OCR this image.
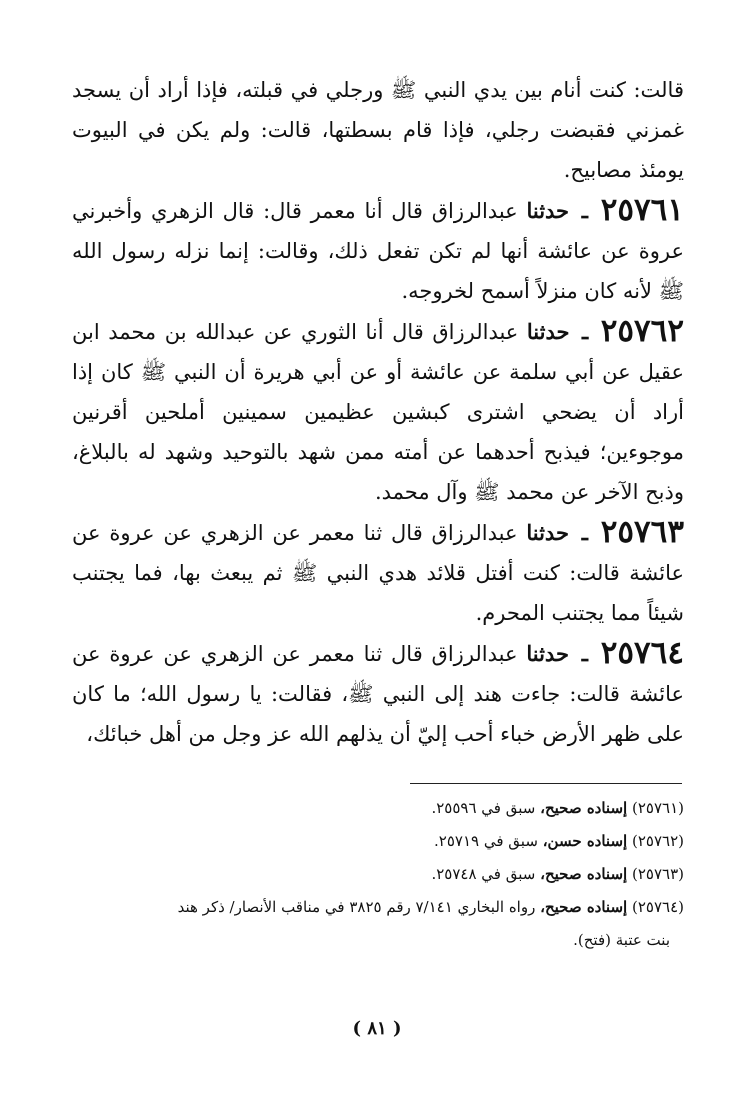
قالت: كنت أنام بين يدي النبي ﷺ ورجلي في قبلته، فإذا أراد أن يسجد غمزني فقبضت رجلي، فإذا قام بسطتها، قالت: ولم يكن في البيوت يومئذ مصابيح.

٢٥٧٦١ ـ حدثنا عبدالرزاق قال أنا معمر قال: قال الزهري وأخبرني عروة عن عائشة أنها لم تكن تفعل ذلك، وقالت: إنما نزله رسول الله ﷺ لأنه كان منزلاً أسمح لخروجه.

٢٥٧٦٢ ـ حدثنا عبدالرزاق قال أنا الثوري عن عبدالله بن محمد ابن عقيل عن أبي سلمة عن عائشة أو عن أبي هريرة أن النبي ﷺ كان إذا أراد أن يضحي اشترى كبشين عظيمين سمينين أملحين أقرنين موجوءين؛ فيذبح أحدهما عن أمته ممن شهد بالتوحيد وشهد له بالبلاغ، وذبح الآخر عن محمد ﷺ وآل محمد.

٢٥٧٦٣ ـ حدثنا عبدالرزاق قال ثنا معمر عن الزهري عن عروة عن عائشة قالت: كنت أفتل قلائد هدي النبي ﷺ ثم يبعث بها، فما يجتنب شيئاً مما يجتنب المحرم.

٢٥٧٦٤ ـ حدثنا عبدالرزاق قال ثنا معمر عن الزهري عن عروة عن عائشة قالت: جاءت هند إلى النبي ﷺ، فقالت: يا رسول الله؛ ما كان على ظهر الأرض خباء أحب إليّ أن يذلهم الله عز وجل من أهل خبائك،

(٢٥٧٦١) إسناده صحيح، سبق في ٢٥٥٩٦.

(٢٥٧٦٢) إسناده حسن، سبق في ٢٥٧١٩.

(٢٥٧٦٣) إسناده صحيح، سبق في ٢٥٧٤٨.

(٢٥٧٦٤) إسناده صحيح، رواه البخاري ٧/١٤١ رقم ٣٨٢٥ في مناقب الأنصار/ ذكر هند

بنت عتبة (فتح).

( ٨١ )
